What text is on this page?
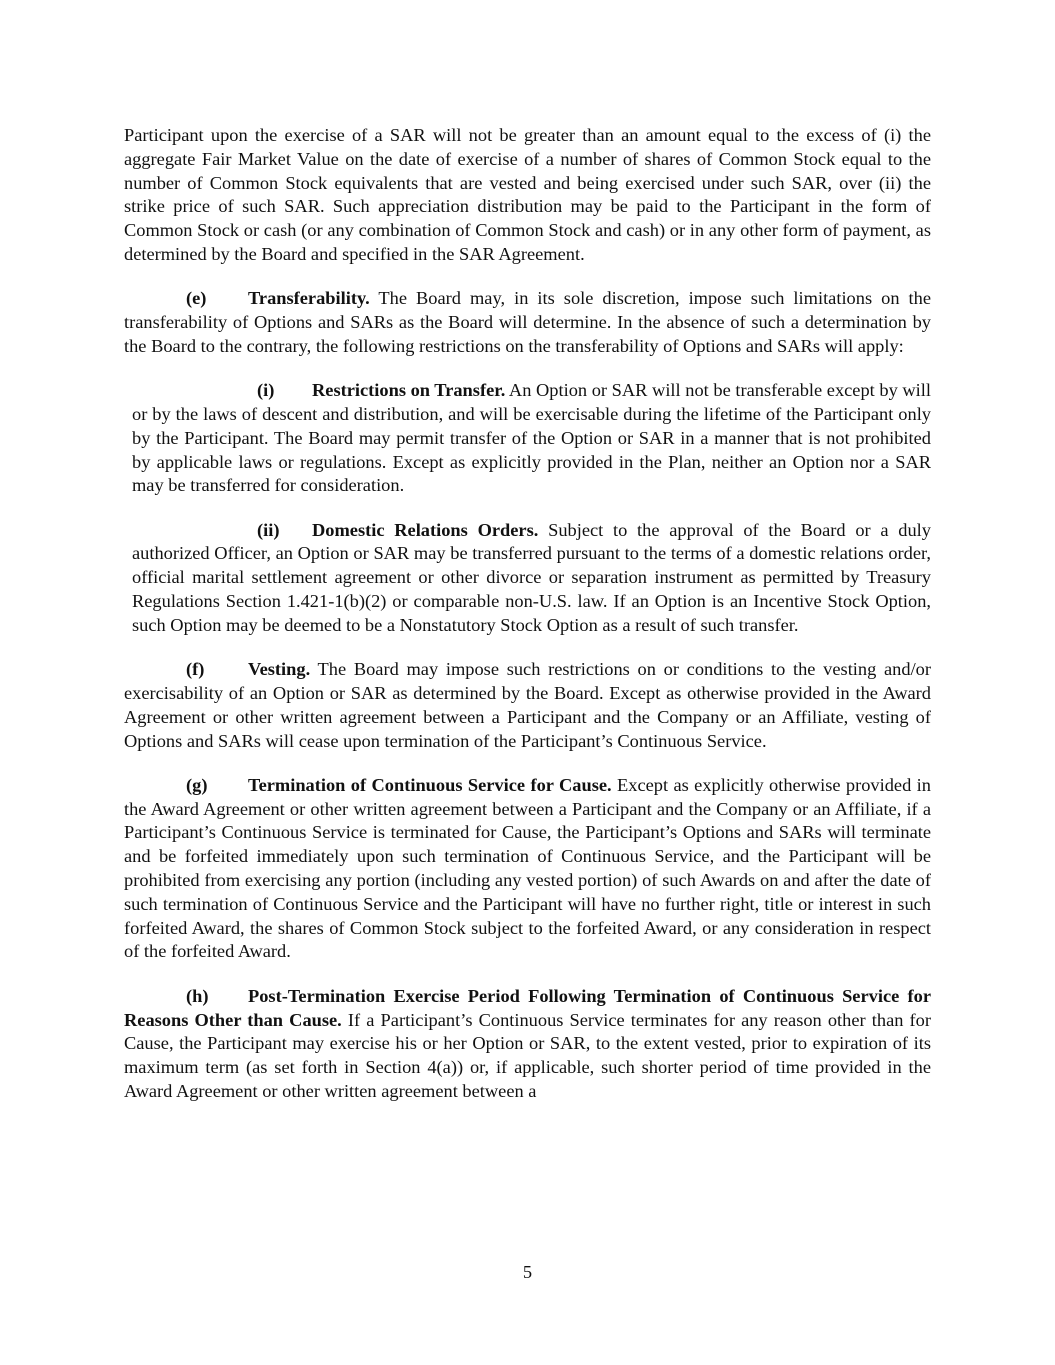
Participant upon the exercise of a SAR will not be greater than an amount equal to the excess of (i) the aggregate Fair Market Value on the date of exercise of a number of shares of Common Stock equal to the number of Common Stock equivalents that are vested and being exercised under such SAR, over (ii) the strike price of such SAR. Such appreciation distribution may be paid to the Participant in the form of Common Stock or cash (or any combination of Common Stock and cash) or in any other form of payment, as determined by the Board and specified in the SAR Agreement.

(e) Transferability. The Board may, in its sole discretion, impose such limitations on the transferability of Options and SARs as the Board will determine. In the absence of such a determination by the Board to the contrary, the following restrictions on the transferability of Options and SARs will apply:

(i) Restrictions on Transfer. An Option or SAR will not be transferable except by will or by the laws of descent and distribution, and will be exercisable during the lifetime of the Participant only by the Participant. The Board may permit transfer of the Option or SAR in a manner that is not prohibited by applicable laws or regulations. Except as explicitly provided in the Plan, neither an Option nor a SAR may be transferred for consideration.

(ii) Domestic Relations Orders. Subject to the approval of the Board or a duly authorized Officer, an Option or SAR may be transferred pursuant to the terms of a domestic relations order, official marital settlement agreement or other divorce or separation instrument as permitted by Treasury Regulations Section 1.421-1(b)(2) or comparable non-U.S. law. If an Option is an Incentive Stock Option, such Option may be deemed to be a Nonstatutory Stock Option as a result of such transfer.

(f) Vesting. The Board may impose such restrictions on or conditions to the vesting and/or exercisability of an Option or SAR as determined by the Board. Except as otherwise provided in the Award Agreement or other written agreement between a Participant and the Company or an Affiliate, vesting of Options and SARs will cease upon termination of the Participant’s Continuous Service.

(g) Termination of Continuous Service for Cause. Except as explicitly otherwise provided in the Award Agreement or other written agreement between a Participant and the Company or an Affiliate, if a Participant’s Continuous Service is terminated for Cause, the Participant’s Options and SARs will terminate and be forfeited immediately upon such termination of Continuous Service, and the Participant will be prohibited from exercising any portion (including any vested portion) of such Awards on and after the date of such termination of Continuous Service and the Participant will have no further right, title or interest in such forfeited Award, the shares of Common Stock subject to the forfeited Award, or any consideration in respect of the forfeited Award.

(h) Post-Termination Exercise Period Following Termination of Continuous Service for Reasons Other than Cause. If a Participant’s Continuous Service terminates for any reason other than for Cause, the Participant may exercise his or her Option or SAR, to the extent vested, prior to expiration of its maximum term (as set forth in Section 4(a)) or, if applicable, such shorter period of time provided in the Award Agreement or other written agreement between a

5
